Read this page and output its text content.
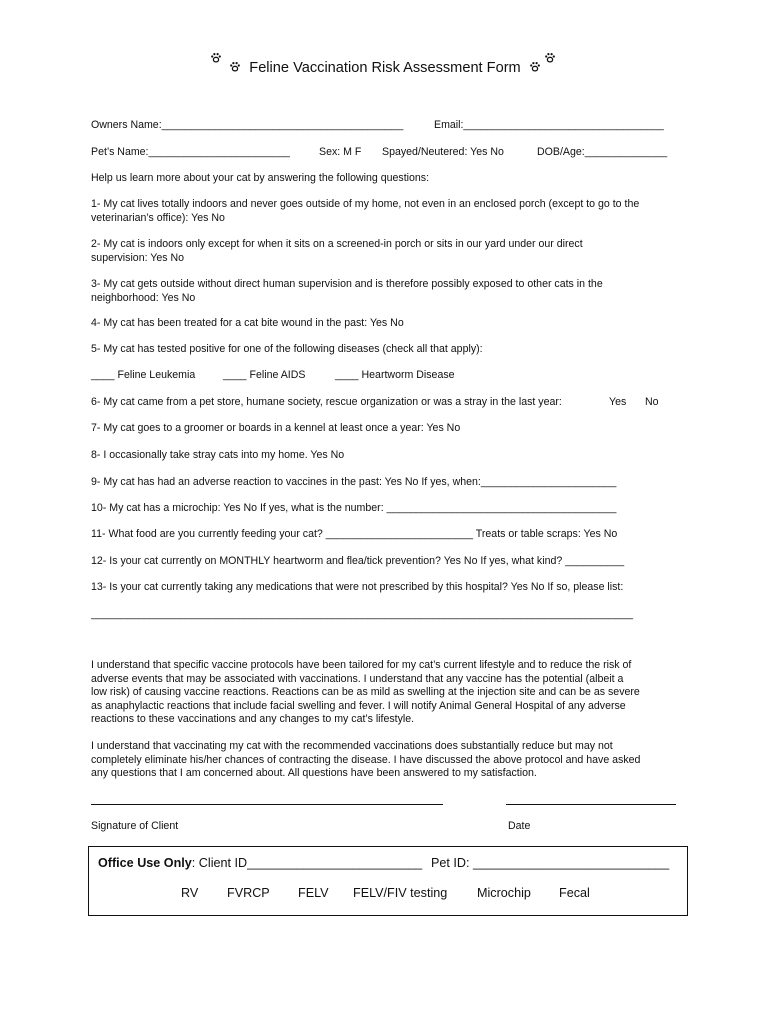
Feline Vaccination Risk Assessment Form
Owners Name:_________________________________________	Email:__________________________________
Pet’s Name:________________________	Sex: M F Spayed/Neutered: Yes No	DOB/Age:______________
Help us learn more about your cat by answering the following questions:
1- My cat lives totally indoors and never goes outside of my home, not even in an enclosed porch (except to go to the
veterinarian’s office): Yes No
2- My cat is indoors only except for when it sits on a screened-in porch or sits in our yard under our direct
supervision: Yes No
3- My cat gets outside without direct human supervision and is therefore possibly exposed to other cats in the
neighborhood: Yes No
4- My cat has been treated for a cat bite wound in the past: Yes No
5- My cat has tested positive for one of the following diseases (check all that apply):
____ Feline Leukemia	____ Feline AIDS	____ Heartworm Disease
6- My cat came from a pet store, humane society, rescue organization or was a stray in the last year:	Yes No
7- My cat goes to a groomer or boards in a kennel at least once a year: Yes No
8- I occasionally take stray cats into my home. Yes No
9- My cat has had an adverse reaction to vaccines in the past: Yes No If yes, when:_______________________
10- My cat has a microchip: Yes No If yes, what is the number: _______________________________________
11- What food are you currently feeding your cat? _________________________ Treats or table scraps: Yes No
12- Is your cat currently on MONTHLY heartworm and flea/tick prevention? Yes No If yes, what kind? __________
13- Is your cat currently taking any medications that were not prescribed by this hospital? Yes No If so, please list:
____________________________________________________________________________________________
I understand that specific vaccine protocols have been tailored for my cat’s current lifestyle and to reduce the risk of
adverse events that may be associated with vaccinations. I understand that any vaccine has the potential (albeit a
low risk) of causing vaccine reactions. Reactions can be as mild as swelling at the injection site and can be as severe
as anaphylactic reactions that include facial swelling and fever. I will notify Animal General Hospital of any adverse
reactions to these vaccinations and any changes to my cat’s lifestyle.
I understand that vaccinating my cat with the recommended vaccinations does substantially reduce but may not
completely eliminate his/her chances of contracting the disease. I have discussed the above protocol and have asked
any questions that I am concerned about. All questions have been answered to my satisfaction.
Signature of Client	Date
Office Use Only: Client ID_________________________ Pet ID: ____________________________
RV FVRCP FELV FELV/FIV testing Microchip Fecal
